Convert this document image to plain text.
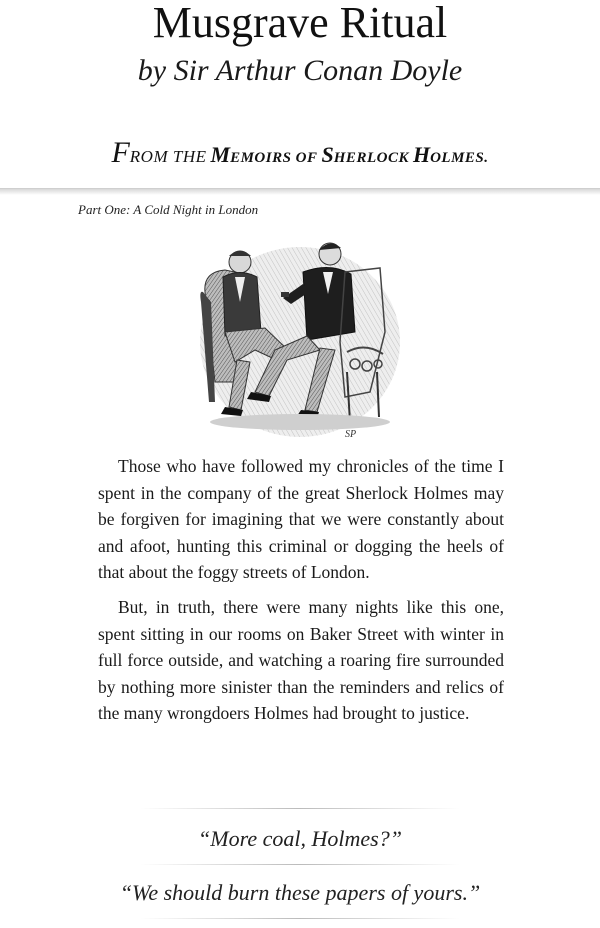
Musgrave Ritual
by Sir Arthur Conan Doyle
FROM THE MEMOIRS OF SHERLOCK HOLMES.
Part One: A Cold Night in London
SP

Those who have followed my chronicles of the time I spent in the company of the great Sherlock Holmes may be forgiven for imagining that we were constantly about and afoot, hunting this criminal or dogging the heels of that about the foggy streets of London.

But, in truth, there were many nights like this one, spent sitting in our rooms on Baker Street with winter in full force outside, and watching a roaring fire surrounded by nothing more sinister than the reminders and relics of the many wrongdoers Holmes had brought to justice.

“More coal, Holmes?”
“We should burn these papers of yours.”
